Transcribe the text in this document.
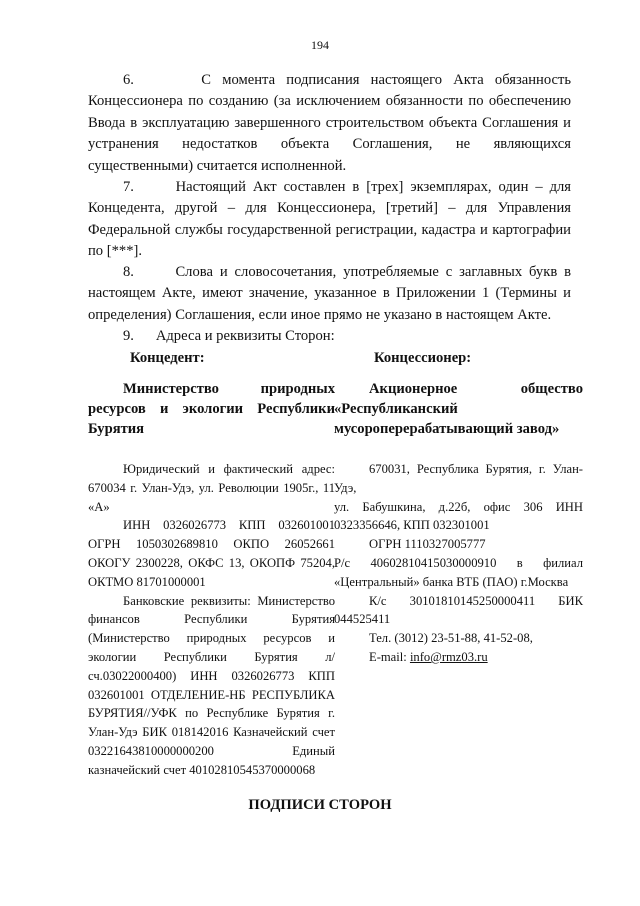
194

6.	С момента подписания настоящего Акта обязанность Концессионера по созданию (за исключением обязанности по обеспечению Ввода в эксплуатацию завершенного строительством объекта Соглашения и устранения недостатков объекта Соглашения, не являющихся существенными) считается исполненной.

7.	Настоящий Акт составлен в [трех] экземплярах, один – для Концедента, другой – для Концессионера, [третий] – для Управления Федеральной службы государственной регистрации, кадастра и картографии по [***].

8.	Слова и словосочетания, употребляемые с заглавных букв в настоящем Акте, имеют значение, указанное в Приложении 1 (Термины и определения) Соглашения, если иное прямо не указано в настоящем Акте.

9. Адреса и реквизиты Сторон:

Концедент:

Министерство природных ресурсов и экологии Республики Бурятия

Юридический и фактический адрес: 670034 г. Улан-Удэ, ул. Революции 1905г., 11 «А»

ИНН 0326026773 КПП 032601001 ОГРН 1050302689810 ОКПО 26052661 ОКОГУ 2300228, ОКФС 13, ОКОПФ 75204, ОКТМО 81701000001

Банковские реквизиты: Министерство финансов Республики Бурятия (Министерство природных ресурсов и экологии Республики Бурятия л/сч.03022000400) ИНН 0326026773 КПП 032601001 ОТДЕЛЕНИЕ-НБ РЕСПУБЛИКА БУРЯТИЯ//УФК по Республике Бурятия г. Улан-Удэ БИК 018142016 Казначейский счет 03221643810000000200 Единый казначейский счет 40102810545370000068

Концессионер:

Акционерное общество «Республиканский мусороперерабатывающий завод»

670031, Республика Бурятия, г. Улан-Удэ,

ул. Бабушкина, д.22б, офис 306 ИНН 0323356646, КПП 032301001

ОГРН 1110327005777

Р/с 40602810415030000910 в филиал «Центральный» банка ВТБ (ПАО) г.Москва

К/с 30101810145250000411 БИК 044525411

Тел. (3012) 23-51-88, 41-52-08,

E-mail: info@rmz03.ru

ПОДПИСИ СТОРОН
